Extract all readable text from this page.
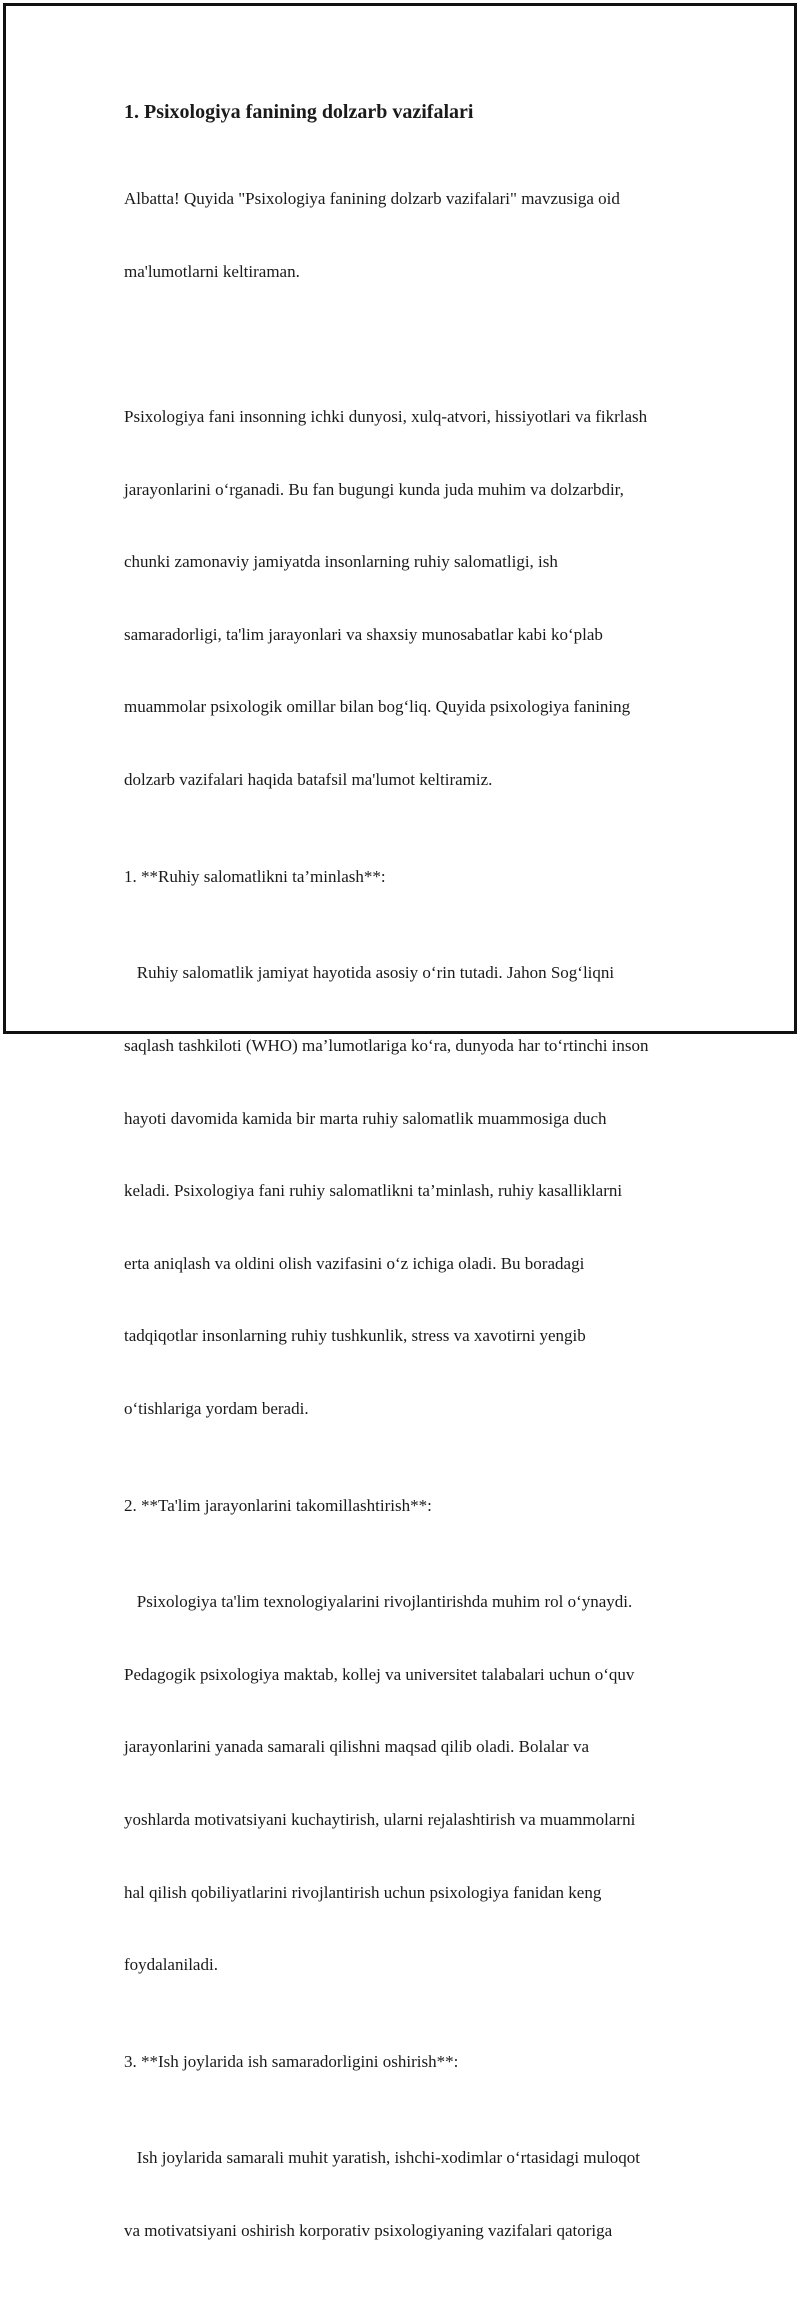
1. Psixologiya fanining dolzarb vazifalari

Albatta! Quyida "Psixologiya fanining dolzarb vazifalari" mavzusiga oid

ma'lumotlarni keltiraman.

Psixologiya fani insonning ichki dunyosi, xulq-atvori, hissiyotlari va fikrlash

jarayonlarini o‘rganadi. Bu fan bugungi kunda juda muhim va dolzarbdir,

chunki zamonaviy jamiyatda insonlarning ruhiy salomatligi, ish

samaradorligi, ta'lim jarayonlari va shaxsiy munosabatlar kabi ko‘plab

muammolar psixologik omillar bilan bog‘liq. Quyida psixologiya fanining

dolzarb vazifalari haqida batafsil ma'lumot keltiramiz.

1. **Ruhiy salomatlikni ta’minlash**:

Ruhiy salomatlik jamiyat hayotida asosiy o‘rin tutadi. Jahon Sog‘liqni

saqlash tashkiloti (WHO) ma’lumotlariga ko‘ra, dunyoda har to‘rtinchi inson

hayoti davomida kamida bir marta ruhiy salomatlik muammosiga duch

keladi. Psixologiya fani ruhiy salomatlikni ta’minlash, ruhiy kasalliklarni

erta aniqlash va oldini olish vazifasini o‘z ichiga oladi. Bu boradagi

tadqiqotlar insonlarning ruhiy tushkunlik, stress va xavotirni yengib

o‘tishlariga yordam beradi.

2. **Ta'lim jarayonlarini takomillashtirish**:

Psixologiya ta'lim texnologiyalarini rivojlantirishda muhim rol o‘ynaydi.

Pedagogik psixologiya maktab, kollej va universitet talabalari uchun o‘quv

jarayonlarini yanada samarali qilishni maqsad qilib oladi. Bolalar va

yoshlarda motivatsiyani kuchaytirish, ularni rejalashtirish va muammolarni

hal qilish qobiliyatlarini rivojlantirish uchun psixologiya fanidan keng

foydalaniladi.

3. **Ish joylarida ish samaradorligini oshirish**:

Ish joylarida samarali muhit yaratish, ishchi-xodimlar o‘rtasidagi muloqot

va motivatsiyani oshirish korporativ psixologiyaning vazifalari qatoriga
